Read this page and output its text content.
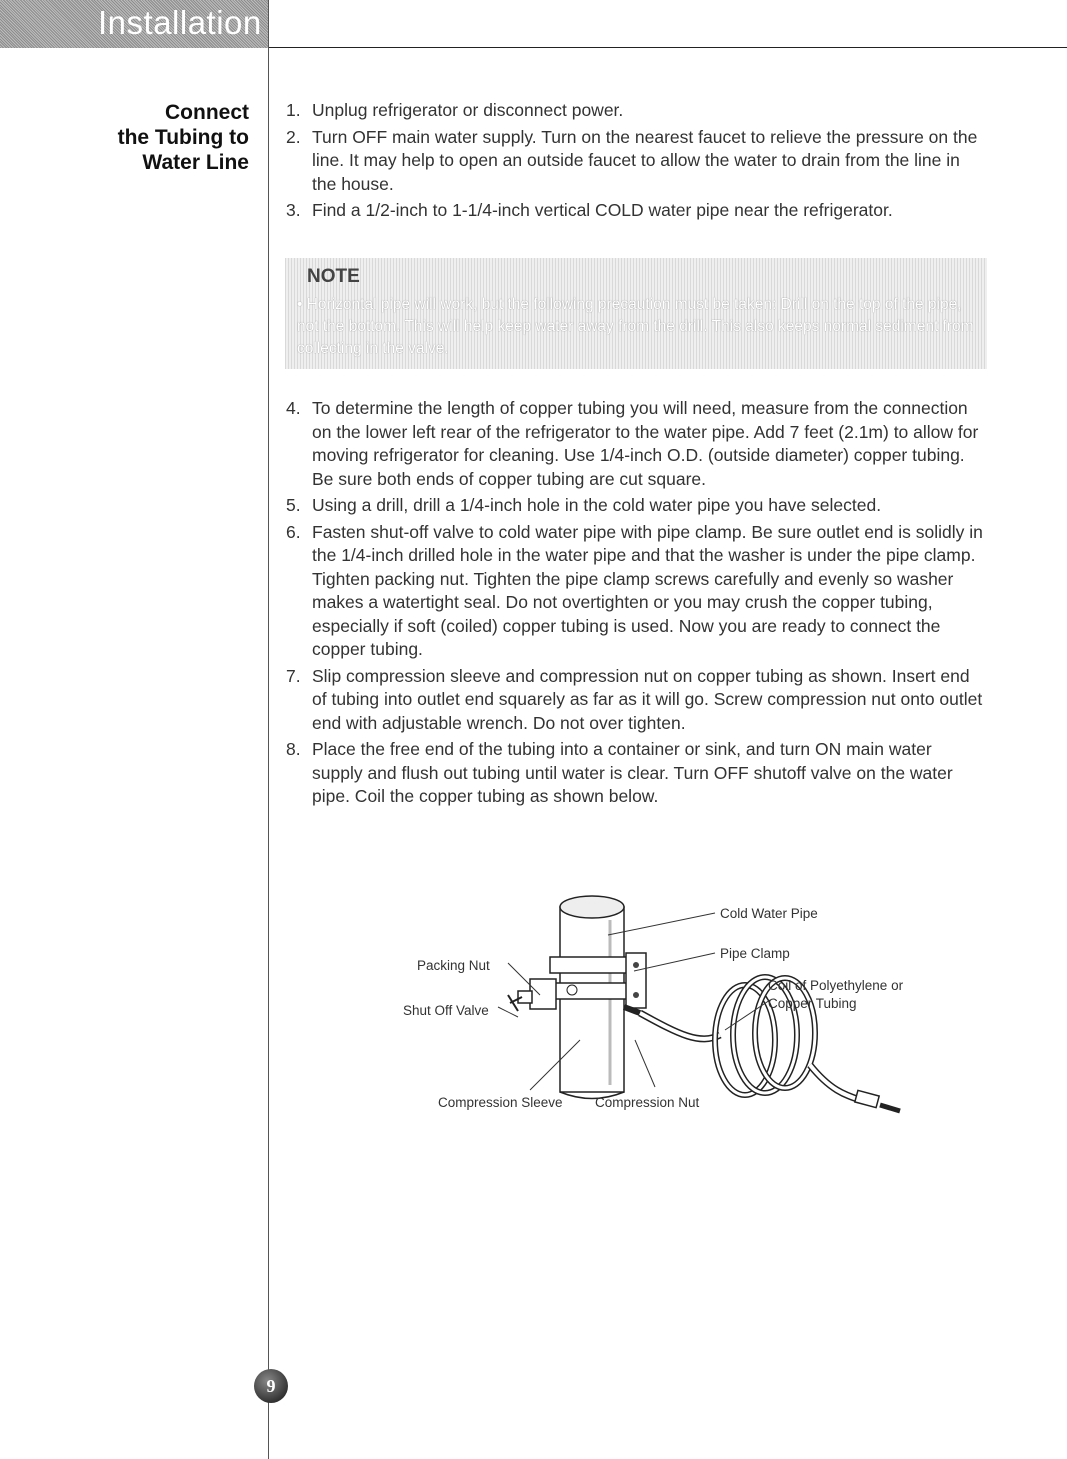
Installation
Connect
the Tubing to
Water Line
1. Unplug refrigerator or disconnect power.
2. Turn OFF main water supply. Turn on the nearest faucet to relieve the pressure on the line. It may help to open an outside faucet to allow the water to drain from the line in the house.
3. Find a 1/2-inch to 1-1/4-inch vertical COLD water pipe near the refrigerator.
NOTE
• Horizontal pipe will work, but the following precaution must be taken: Drill on the top of the pipe, not the bottom. This will help keep water away from the drill. This also keeps normal sediment from collecting in the valve.
4. To determine the length of copper tubing you will need, measure from the connection on the lower left rear of the refrigerator to the water pipe. Add 7 feet (2.1m) to allow for moving refrigerator for cleaning. Use 1/4-inch O.D. (outside diameter) copper tubing. Be sure both ends of copper tubing are cut square.
5. Using a drill, drill a 1/4-inch hole in the cold water pipe you have selected.
6. Fasten shut-off valve to cold water pipe with pipe clamp. Be sure outlet end is solidly in the 1/4-inch drilled hole in the water pipe and that the washer is under the pipe clamp. Tighten packing nut. Tighten the pipe clamp screws carefully and evenly so washer makes a watertight seal. Do not overtighten or you may crush the copper tubing, especially if soft (coiled) copper tubing is used. Now you are ready to connect the copper tubing.
7. Slip compression sleeve and compression nut on copper tubing as shown. Insert end of tubing into outlet end squarely as far as it will go. Screw compression nut onto outlet end with adjustable wrench. Do not over tighten.
8. Place the free end of the tubing into a container or sink, and turn ON main water supply and flush out tubing until water is clear. Turn OFF shutoff valve on the water pipe. Coil the copper tubing as shown below.
Cold Water Pipe
Pipe Clamp
Coil of Polyethylene or
Copper Tubing
Packing Nut
Shut Off Valve
Compression Sleeve Compression Nut
9
